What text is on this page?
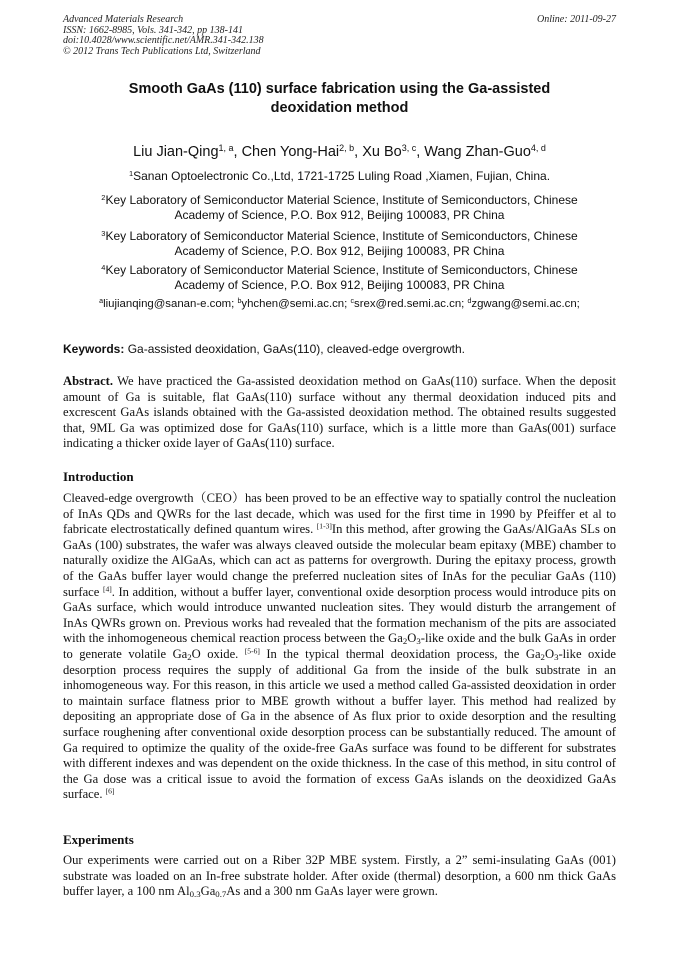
Advanced Materials Research
ISSN: 1662-8985, Vols. 341-342, pp 138-141
doi:10.4028/www.scientific.net/AMR.341-342.138
© 2012 Trans Tech Publications Ltd, Switzerland
Online: 2011-09-27
Smooth GaAs (110) surface fabrication using the Ga-assisted
deoxidation method
Liu Jian-Qing$^{1, a}$, Chen Yong-Hai$^{2, b}$, Xu Bo$^{3, c}$, Wang Zhan-Guo$^{4, d}$
$^1$Sanan Optoelectronic Co.,Ltd, 1721-1725 Luling Road ,Xiamen, Fujian, China.
$^2$Key Laboratory of Semiconductor Material Science, Institute of Semiconductors, Chinese
Academy of Science, P.O. Box 912, Beijing 100083, PR China
$^3$Key Laboratory of Semiconductor Material Science, Institute of Semiconductors, Chinese
Academy of Science, P.O. Box 912, Beijing 100083, PR China
$^4$Key Laboratory of Semiconductor Material Science, Institute of Semiconductors, Chinese
Academy of Science, P.O. Box 912, Beijing 100083, PR China
$^a$liujianqing@sanan-e.com; $^b$yhchen@semi.ac.cn; $^c$srex@red.semi.ac.cn; $^d$zgwang@semi.ac.cn;
Keywords: Ga-assisted deoxidation, GaAs(110), cleaved-edge overgrowth.
Abstract. We have practiced the Ga-assisted deoxidation method on GaAs(110) surface. When the deposit amount of Ga is suitable, flat GaAs(110) surface without any thermal deoxidation induced pits and excrescent GaAs islands obtained with the Ga-assisted deoxidation method. The obtained results suggested that, 9ML Ga was optimized dose for GaAs(110) surface, which is a little more than GaAs(001) surface indicating a thicker oxide layer of GaAs(110) surface.
Introduction
Cleaved-edge overgrowth（CEO）has been proved to be an effective way to spatially control the nucleation of InAs QDs and QWRs for the last decade, which was used for the first time in 1990 by Pfeiffer et al to fabricate electrostatically defined quantum wires. [1-3]In this method, after growing the GaAs/AlGaAs SLs on GaAs (100) substrates, the wafer was always cleaved outside the molecular beam epitaxy (MBE) chamber to naturally oxidize the AlGaAs, which can act as patterns for overgrowth. During the epitaxy process, growth of the GaAs buffer layer would change the preferred nucleation sites of InAs for the peculiar GaAs (110) surface [4]. In addition, without a buffer layer, conventional oxide desorption process would introduce pits on GaAs surface, which would introduce unwanted nucleation sites. They would disturb the arrangement of InAs QWRs grown on. Previous works had revealed that the formation mechanism of the pits are associated with the inhomogeneous chemical reaction process between the $Ga_2O_3$-like oxide and the bulk GaAs in order to generate volatile $Ga_2O$ oxide. [5-6] In the typical thermal deoxidation process, the $Ga_2O_3$-like oxide desorption process requires the supply of additional Ga from the inside of the bulk substrate in an inhomogeneous way. For this reason, in this article we used a method called Ga-assisted deoxidation in order to maintain surface flatness prior to MBE growth without a buffer layer. This method had realized by depositing an appropriate dose of Ga in the absence of As flux prior to oxide desorption and the resulting surface roughening after conventional oxide desorption process can be substantially reduced. The amount of Ga required to optimize the quality of the oxide-free GaAs surface was found to be different for substrates with different indexes and was dependent on the oxide thickness. In the case of this method, in situ control of the Ga dose was a critical issue to avoid the formation of excess GaAs islands on the deoxidized GaAs surface. [6]
Experiments
Our experiments were carried out on a Riber 32P MBE system. Firstly, a 2” semi-insulating GaAs (001) substrate was loaded on an In-free substrate holder. After oxide (thermal) desorption, a 600 nm thick GaAs buffer layer, a 100 nm $Al_{0.3}Ga_{0.7}As$ and a 300 nm GaAs layer were grown.
